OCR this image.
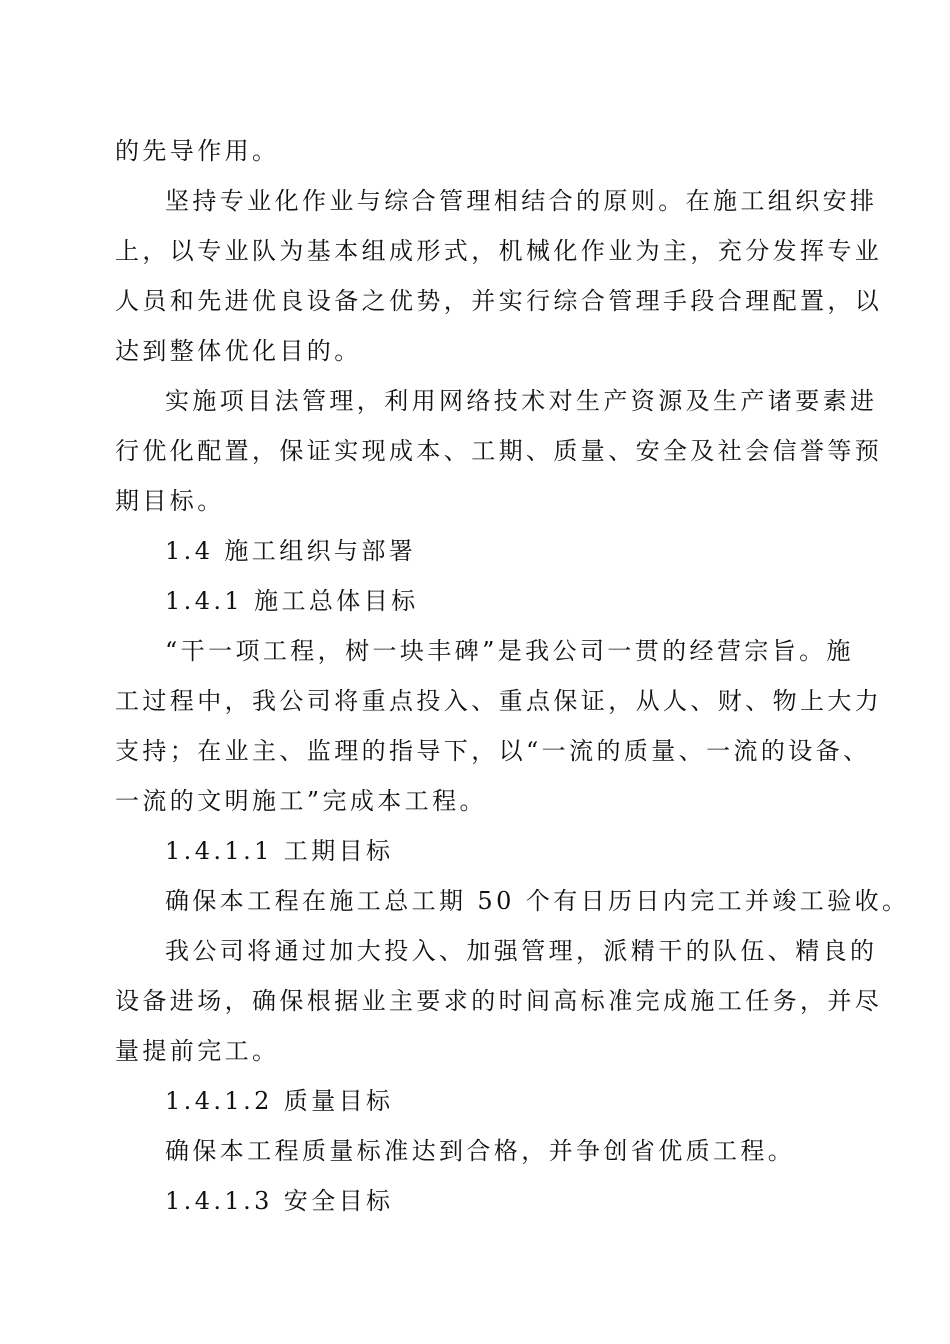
的先导作用。
坚持专业化作业与综合管理相结合的原则。在施工组织安排
上，以专业队为基本组成形式，机械化作业为主，充分发挥专业
人员和先进优良设备之优势，并实行综合管理手段合理配置，以
达到整体优化目的。
实施项目法管理，利用网络技术对生产资源及生产诸要素进
行优化配置，保证实现成本、工期、质量、安全及社会信誉等预
期目标。
1.4 施工组织与部署
1.4.1 施工总体目标
“干一项工程，树一块丰碑”是我公司一贯的经营宗旨。施
工过程中，我公司将重点投入、重点保证，从人、财、物上大力
支持；在业主、监理的指导下，以“一流的质量、一流的设备、
一流的文明施工”完成本工程。
1.4.1.1 工期目标
确保本工程在施工总工期 50 个有日历日内完工并竣工验收。
我公司将通过加大投入、加强管理，派精干的队伍、精良的
设备进场，确保根据业主要求的时间高标准完成施工任务，并尽
量提前完工。
1.4.1.2 质量目标
确保本工程质量标准达到合格，并争创省优质工程。
1.4.1.3 安全目标
